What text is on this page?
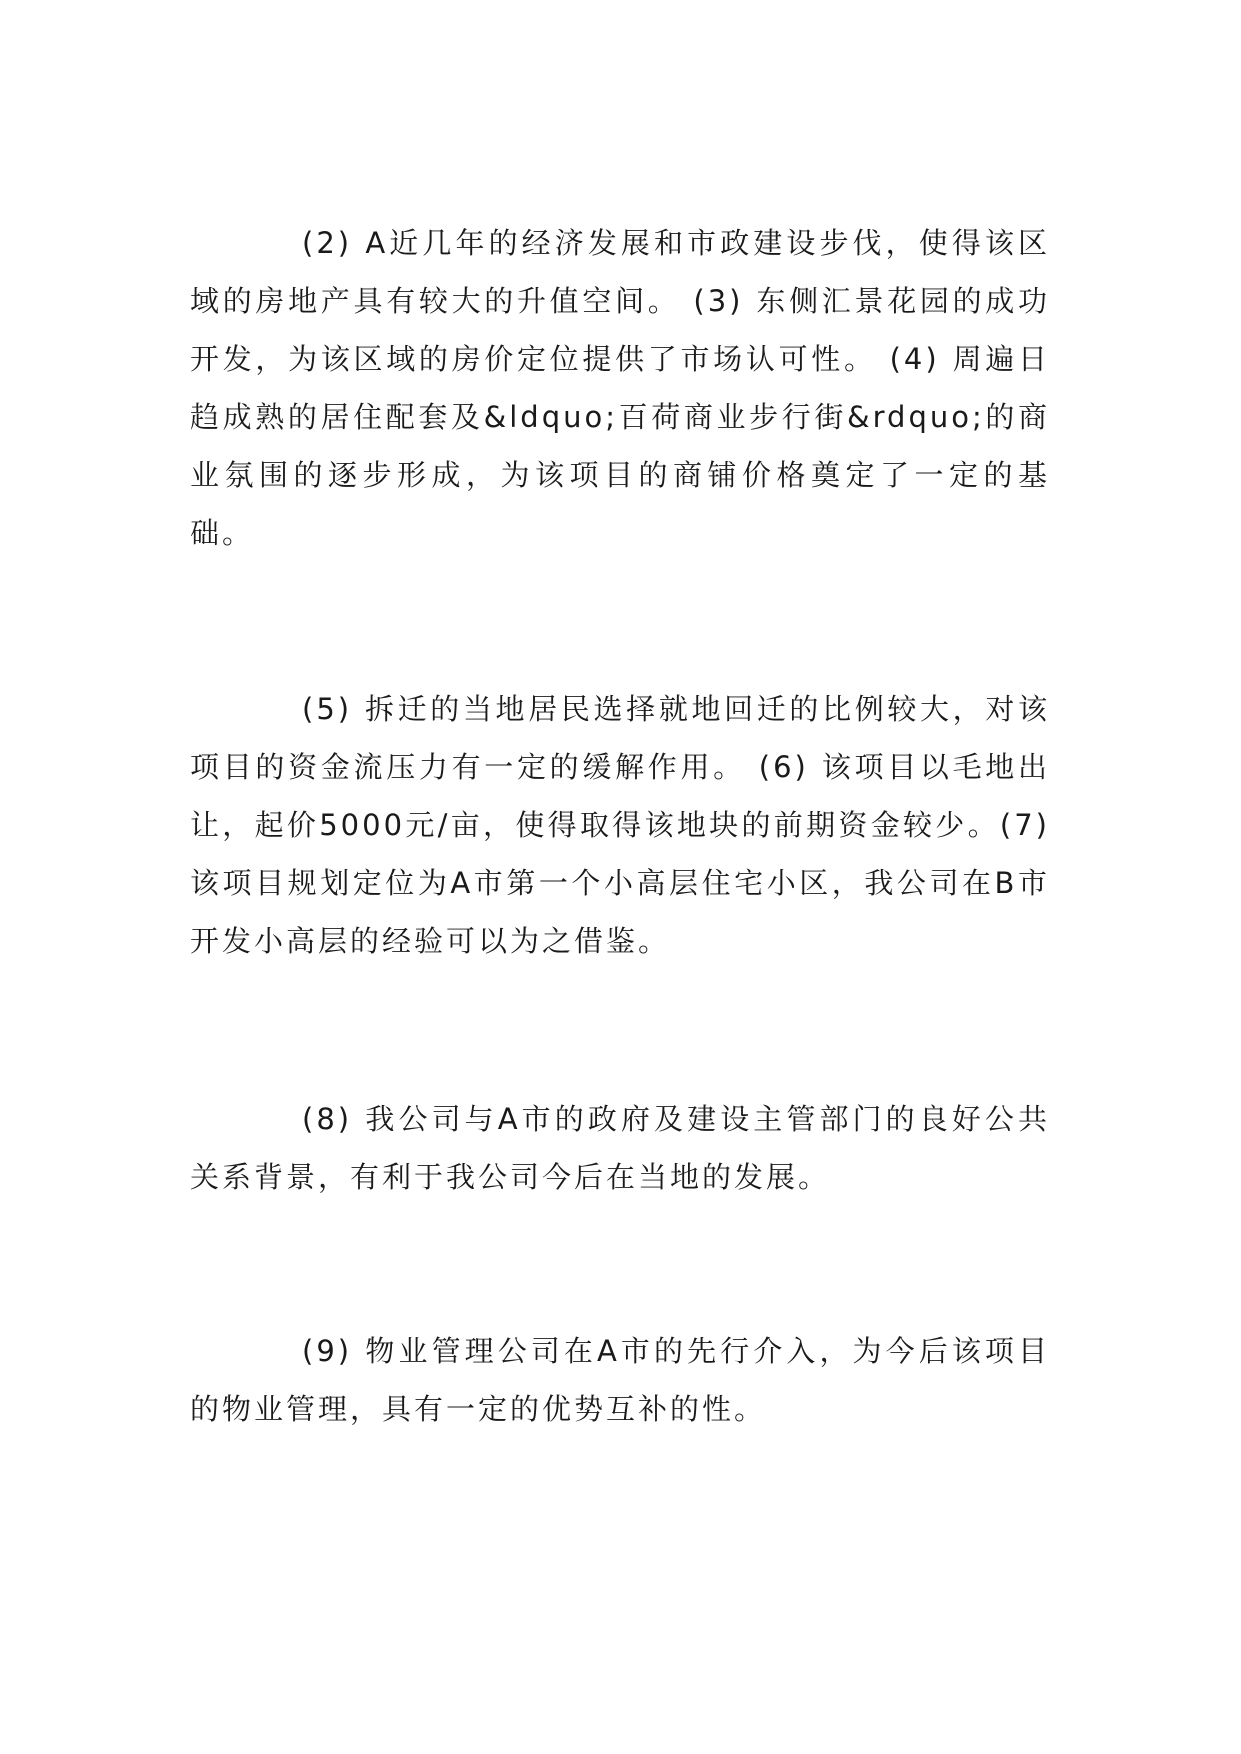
(2) A近几年的经济发展和市政建设步伐，使得该区域的房地产具有较大的升值空间。 (3) 东侧汇景花园的成功开发，为该区域的房价定位提供了市场认可性。 (4) 周遍日趋成熟的居住配套及&ldquo;百荷商业步行街&rdquo;的商业氛围的逐步形成，为该项目的商铺价格奠定了一定的基础。

(5) 拆迁的当地居民选择就地回迁的比例较大，对该项目的资金流压力有一定的缓解作用。 (6) 该项目以毛地出让，起价5000元/亩，使得取得该地块的前期资金较少。(7)该项目规划定位为A市第一个小高层住宅小区，我公司在B市开发小高层的经验可以为之借鉴。

(8) 我公司与A市的政府及建设主管部门的良好公共关系背景，有利于我公司今后在当地的发展。

(9) 物业管理公司在A市的先行介入，为今后该项目的物业管理，具有一定的优势互补的性。
